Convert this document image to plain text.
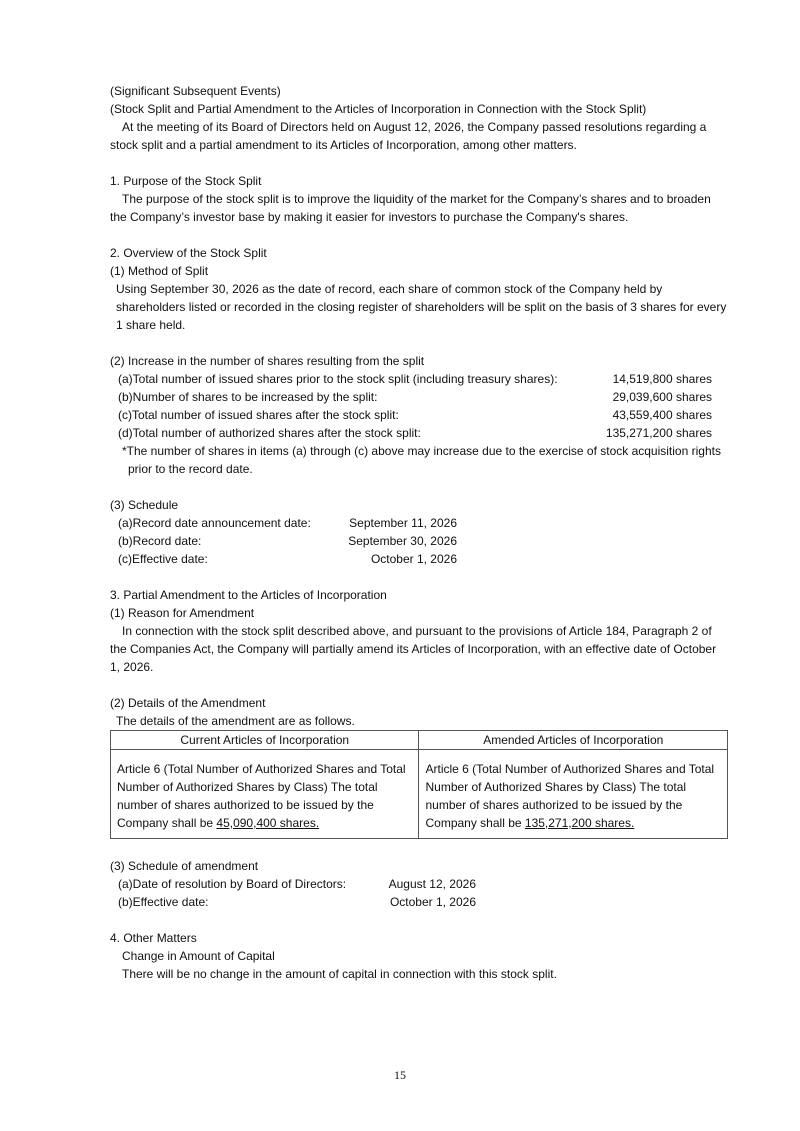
(Significant Subsequent Events)
(Stock Split and Partial Amendment to the Articles of Incorporation in Connection with the Stock Split)
At the meeting of its Board of Directors held on August 12, 2026, the Company passed resolutions regarding a stock split and a partial amendment to its Articles of Incorporation, among other matters.
1. Purpose of the Stock Split
The purpose of the stock split is to improve the liquidity of the market for the Company’s shares and to broaden the Company’s investor base by making it easier for investors to purchase the Company's shares.
2. Overview of the Stock Split
(1) Method of Split
Using September 30, 2026 as the date of record, each share of common stock of the Company held by shareholders listed or recorded in the closing register of shareholders will be split on the basis of 3 shares for every 1 share held.
(2) Increase in the number of shares resulting from the split
(a)Total number of issued shares prior to the stock split (including treasury shares):	14,519,800 shares
(b)Number of shares to be increased by the split:	29,039,600 shares
(c)Total number of issued shares after the stock split:	43,559,400 shares
(d)Total number of authorized shares after the stock split:	135,271,200 shares
*The number of shares in items (a) through (c) above may increase due to the exercise of stock acquisition rights
prior to the record date.
(3) Schedule
(a)Record date announcement date:	September 11, 2026
(b)Record date:	September 30, 2026
(c)Effective date:	October 1, 2026
3. Partial Amendment to the Articles of Incorporation
(1) Reason for Amendment
In connection with the stock split described above, and pursuant to the provisions of Article 184, Paragraph 2 of the Companies Act, the Company will partially amend its Articles of Incorporation, with an effective date of October 1, 2026.
(2) Details of the Amendment
The details of the amendment are as follows.
Current Articles of Incorporation	Amended Articles of Incorporation
Article 6 (Total Number of Authorized Shares and Total Number of Authorized Shares by Class) The total number of shares authorized to be issued by the Company shall be 45,090,400 shares.	Article 6 (Total Number of Authorized Shares and Total Number of Authorized Shares by Class) The total number of shares authorized to be issued by the Company shall be 135,271,200 shares.
(3) Schedule of amendment
(a)Date of resolution by Board of Directors:	August 12, 2026
(b)Effective date:	October 1, 2026
4. Other Matters
Change in Amount of Capital
There will be no change in the amount of capital in connection with this stock split.
15
